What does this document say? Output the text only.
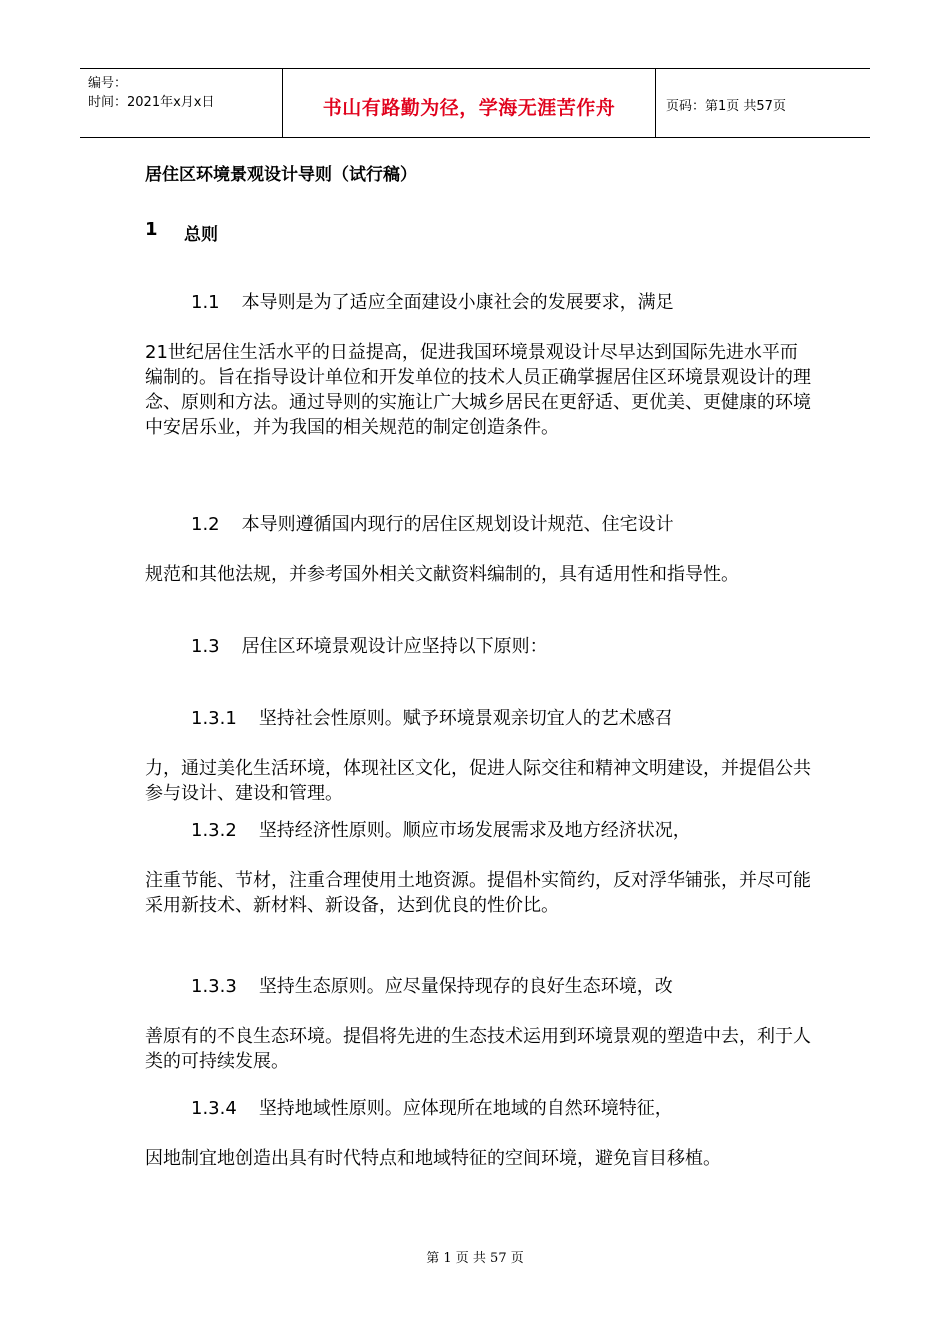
编号：
时间：2021年x月x日	书山有路勤为径，学海无涯苦作舟	页码：第1页 共57页
居住区环境景观设计导则（试行稿）
1 总则
1.1 本导则是为了适应全面建设小康社会的发展要求，满足
21世纪居住生活水平的日益提高，促进我国环境景观设计尽早达到国际先进水平而编制的。旨在指导设计单位和开发单位的技术人员正确掌握居住区环境景观设计的理念、原则和方法。通过导则的实施让广大城乡居民在更舒适、更优美、更健康的环境中安居乐业，并为我国的相关规范的制定创造条件。
1.2 本导则遵循国内现行的居住区规划设计规范、住宅设计
规范和其他法规，并参考国外相关文献资料编制的，具有适用性和指导性。
1.3 居住区环境景观设计应坚持以下原则：
1.3.1 坚持社会性原则。赋予环境景观亲切宜人的艺术感召
力，通过美化生活环境，体现社区文化，促进人际交往和精神文明建设，并提倡公共参与设计、建设和管理。
1.3.2 坚持经济性原则。顺应市场发展需求及地方经济状况，
注重节能、节材，注重合理使用土地资源。提倡朴实简约，反对浮华铺张，并尽可能采用新技术、新材料、新设备，达到优良的性价比。
1.3.3 坚持生态原则。应尽量保持现存的良好生态环境，改
善原有的不良生态环境。提倡将先进的生态技术运用到环境景观的塑造中去，利于人类的可持续发展。
1.3.4 坚持地域性原则。应体现所在地域的自然环境特征，
因地制宜地创造出具有时代特点和地域特征的空间环境，避免盲目移植。
第 1 页 共 57 页
